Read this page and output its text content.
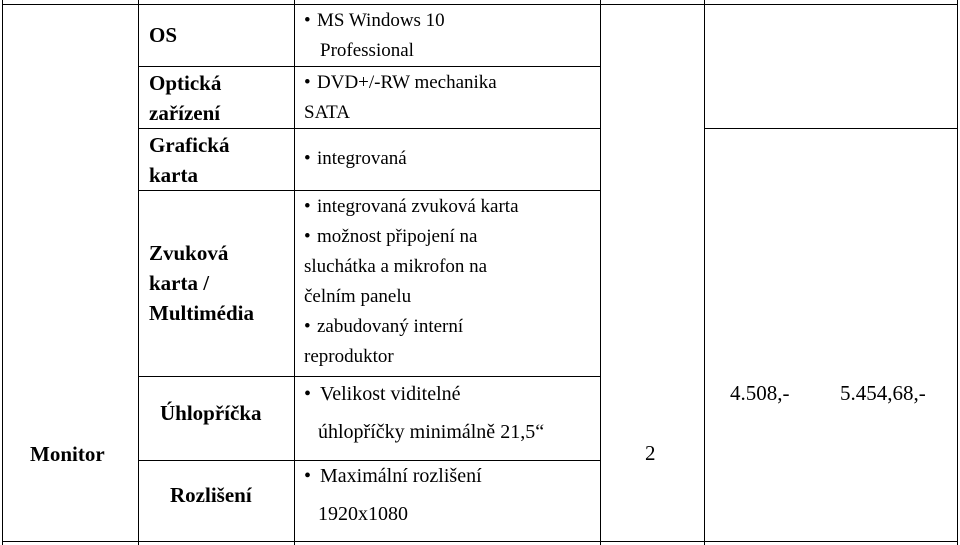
Monitor
OS
• MS Windows 10
Professional
Optická
zařízení
• DVD+/-RW mechanika
SATA
Grafická
karta
• integrovaná
Zvuková
karta /
Multimédia
• integrovaná zvuková karta
• možnost připojení na
sluchátka a mikrofon na
čelním panelu
• zabudovaný interní
reproduktor
Úhlopříčka
• Velikost viditelné
úhlopříčky minimálně 21,5“
Rozlišení
• Maximální rozlišení
1920x1080
2
4.508,- 5.454,68,-
